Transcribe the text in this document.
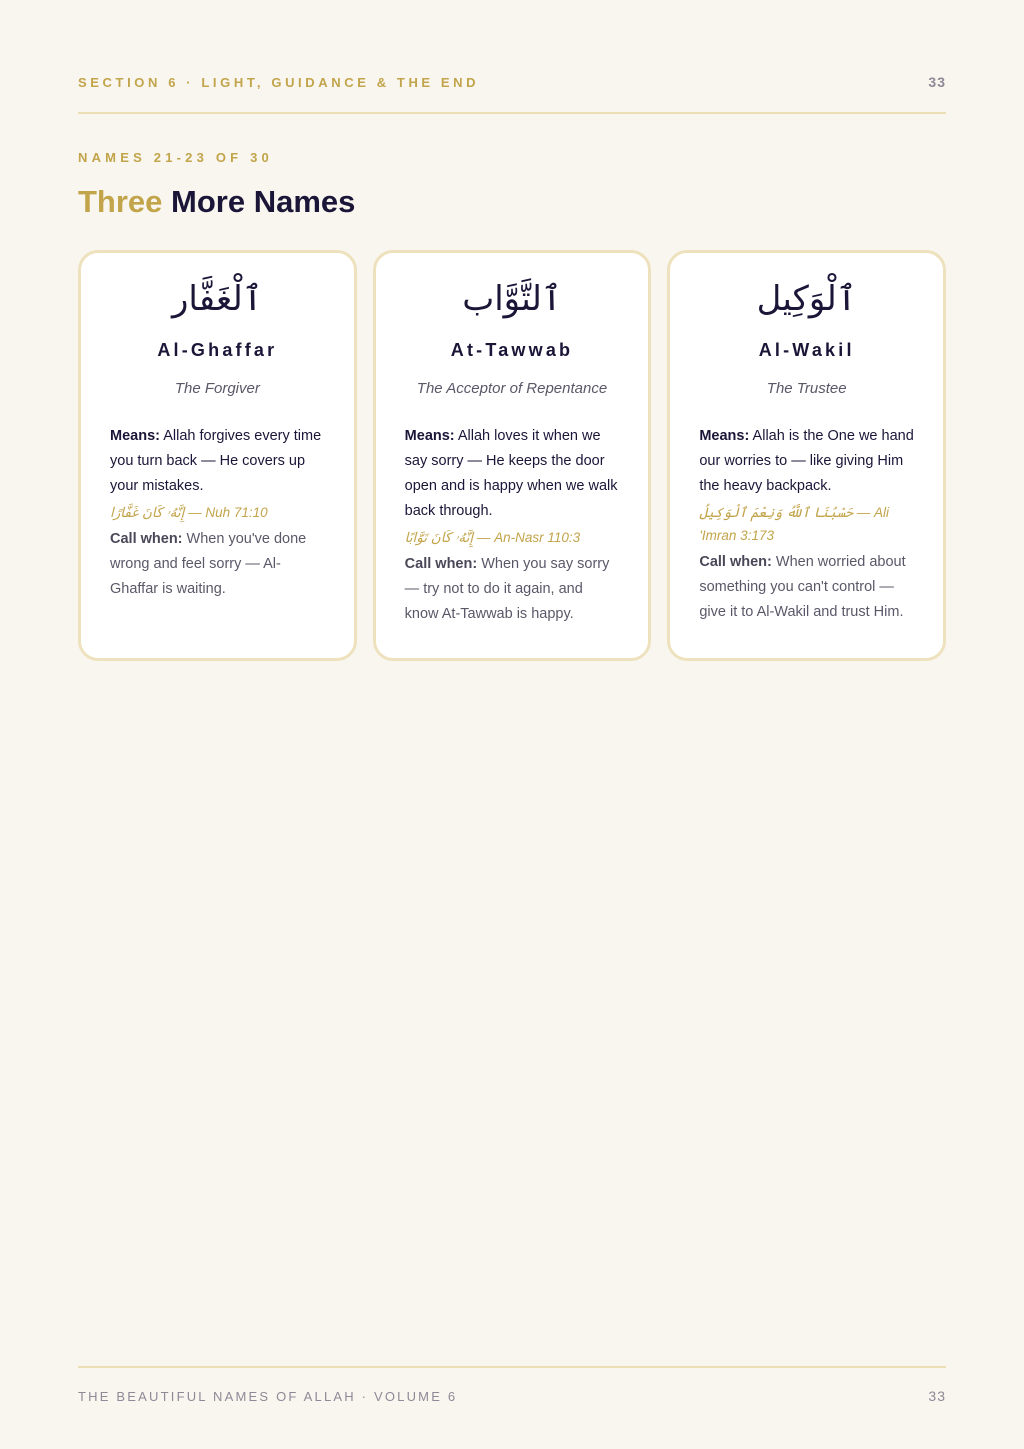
SECTION 6 · LIGHT, GUIDANCE & THE END	33
NAMES 21-23 OF 30
Three More Names
ٱلْغَفَّار
Al-Ghaffar
The Forgiver
Means: Allah forgives every time you turn back — He covers up your mistakes.
إِنَّهُۥ كَانَ غَفَّارًا — Nuh 71:10
Call when: When you've done wrong and feel sorry — Al-Ghaffar is waiting.
ٱلتَّوَّاب
At-Tawwab
The Acceptor of Repentance
Means: Allah loves it when we say sorry — He keeps the door open and is happy when we walk back through.
إِنَّهُۥ كَانَ تَوَّابًا — An-Nasr 110:3
Call when: When you say sorry — try not to do it again, and know At-Tawwab is happy.
ٱلْوَكِيل
Al-Wakil
The Trustee
Means: Allah is the One we hand our worries to — like giving Him the heavy backpack.
حَسْبُنَا ٱللَّهُ وَنِعْمَ ٱلْوَكِيلُ — Ali 'Imran 3:173
Call when: When worried about something you can't control — give it to Al-Wakil and trust Him.
THE BEAUTIFUL NAMES OF ALLAH · VOLUME 6	33
